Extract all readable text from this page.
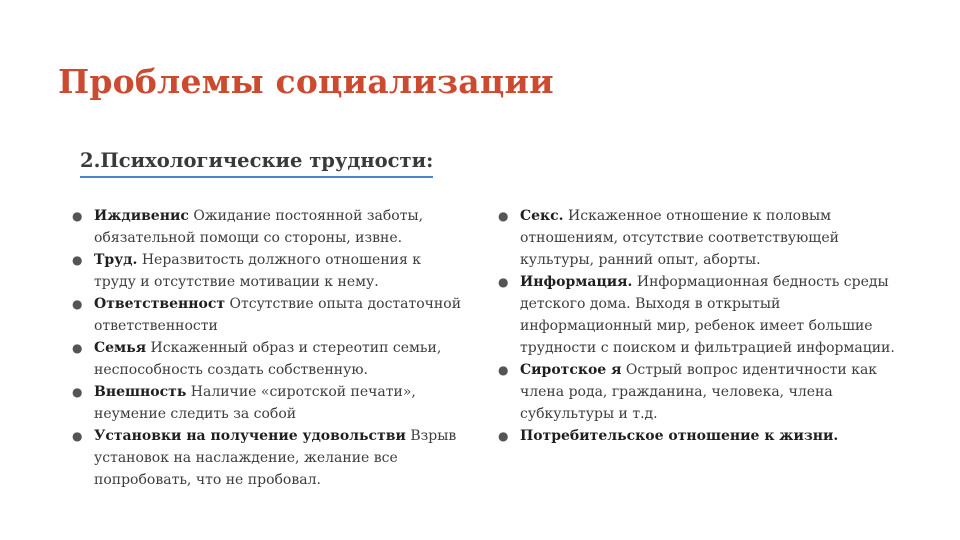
Проблемы социализации
2.Психологические трудности:
● Иждивенис Ожидание постоянной заботы, обязательной помощи со стороны, извне.
● Труд. Неразвитость должного отношения к труду и отсутствие мотивации к нему.
● Ответственност Отсутствие опыта достаточной ответственности
● Семья Искаженный образ и стереотип семьи, неспособность создать собственную.
● Внешность Наличие «сиротской печати», неумение следить за собой
● Установки на получение удовольстви Взрыв установок на наслаждение, желание все попробовать, что не пробовал.
● Секс. Искаженное отношение к половым отношениям, отсутствие соответствующей культуры, ранний опыт, аборты.
● Информация. Информационная бедность среды детского дома. Выходя в открытый информационный мир, ребенок имеет большие трудности с поиском и фильтрацией информации.
● Сиротское я Острый вопрос идентичности как члена рода, гражданина, человека, члена субкультуры и т.д.
● Потребительское отношение к жизни.
